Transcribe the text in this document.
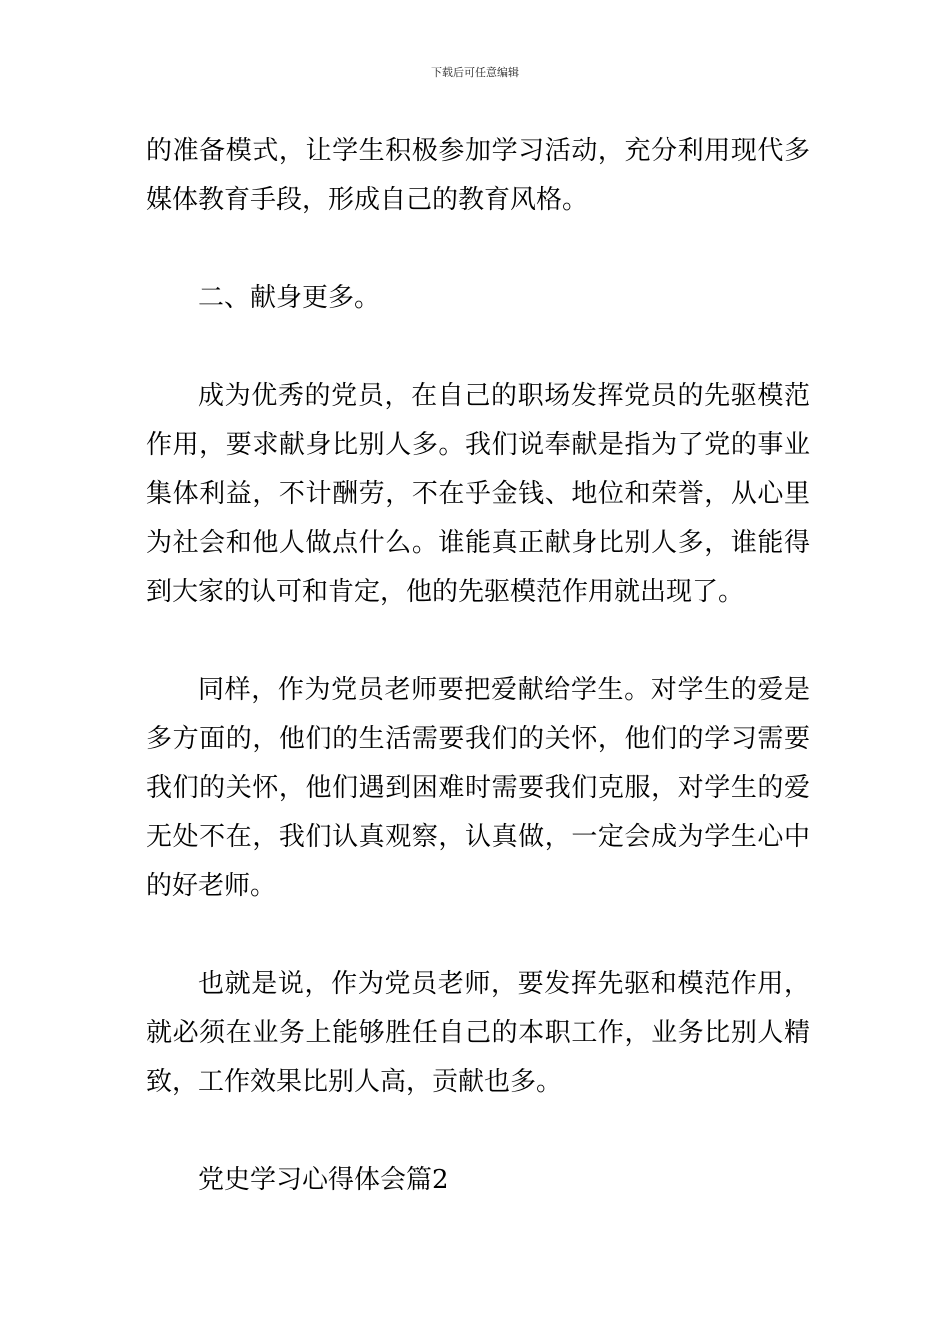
下载后可任意编辑

的准备模式，让学生积极参加学习活动，充分利用现代多媒体教育手段，形成自己的教育风格。

二、献身更多。

成为优秀的党员，在自己的职场发挥党员的先驱模范作用，要求献身比别人多。我们说奉献是指为了党的事业集体利益，不计酬劳，不在乎金钱、地位和荣誉，从心里为社会和他人做点什么。谁能真正献身比别人多，谁能得到大家的认可和肯定，他的先驱模范作用就出现了。

同样，作为党员老师要把爱献给学生。对学生的爱是多方面的，他们的生活需要我们的关怀，他们的学习需要我们的关怀，他们遇到困难时需要我们克服，对学生的爱无处不在，我们认真观察，认真做，一定会成为学生心中的好老师。

也就是说，作为党员老师，要发挥先驱和模范作用，就必须在业务上能够胜任自己的本职工作，业务比别人精致，工作效果比别人高，贡献也多。

党史学习心得体会篇2
